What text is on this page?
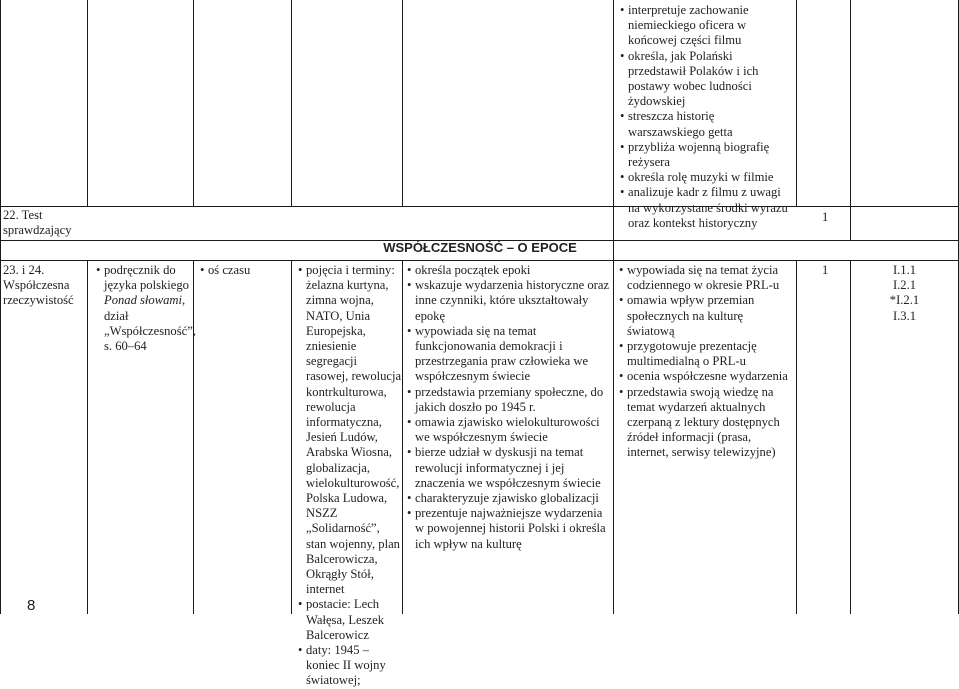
• interpretuje zachowanie niemieckiego oficera w końcowej części filmu
• określa, jak Polański przedstawił Polaków i ich postawy wobec ludności żydowskiej
• streszcza historię warszawskiego getta
• przybliża wojenną biografię reżysera
• określa rolę muzyki w filmie
• analizuje kadr z filmu z uwagi na wykorzystane środki wyrazu oraz kontekst historyczny
22. Test sprawdzający
1
WSPÓŁCZESNOŚĆ – O EPOCE
23. i 24. Współczesna rzeczywistość
• podręcznik do języka polskiego Ponad słowami, dział „Współczesność”, s. 60–64
• oś czasu
•	pojęcia i terminy: żelazna kurtyna, zimna wojna, NATO, Unia Europejska, zniesienie segregacji rasowej, rewolucja kontrkulturowa, rewolucja informatyczna, Jesień Ludów, Arabska Wiosna, globalizacja, wielokulturowość, Polska Ludowa, NSZZ „Solidarność”, stan wojenny, plan Balcerowicza, Okrągły Stół, internet
• postacie: Lech Wałęsa, Leszek Balcerowicz
• daty: 1945 – koniec II wojny światowej;
• określa początek epoki
• wskazuje wydarzenia historyczne oraz inne czynniki, które ukształtowały epokę
• wypowiada się na temat funkcjonowania demokracji i przestrzegania praw człowieka we współczesnym świecie
• przedstawia przemiany społeczne, do jakich doszło po 1945 r.
• omawia zjawisko wielokulturowości we współczesnym świecie
• bierze udział w dyskusji na temat rewolucji informatycznej i jej znaczenia we współczesnym świecie
• charakteryzuje zjawisko globalizacji
• prezentuje najważniejsze wydarzenia w powojennej historii Polski i określa ich wpływ na kulturę
• wypowiada się na temat życia codziennego w okresie PRL-u
• omawia wpływ przemian społecznych na kulturę światową
• przygotowuje prezentację multimedialną o PRL-u
• ocenia współczesne wydarzenia
• przedstawia swoją wiedzę na temat wydarzeń aktualnych czerpaną z lektury dostępnych źródeł informacji (prasa, internet, serwisy telewizyjne)
1	I.1.1
I.2.1
*I.2.1
I.3.1
8
